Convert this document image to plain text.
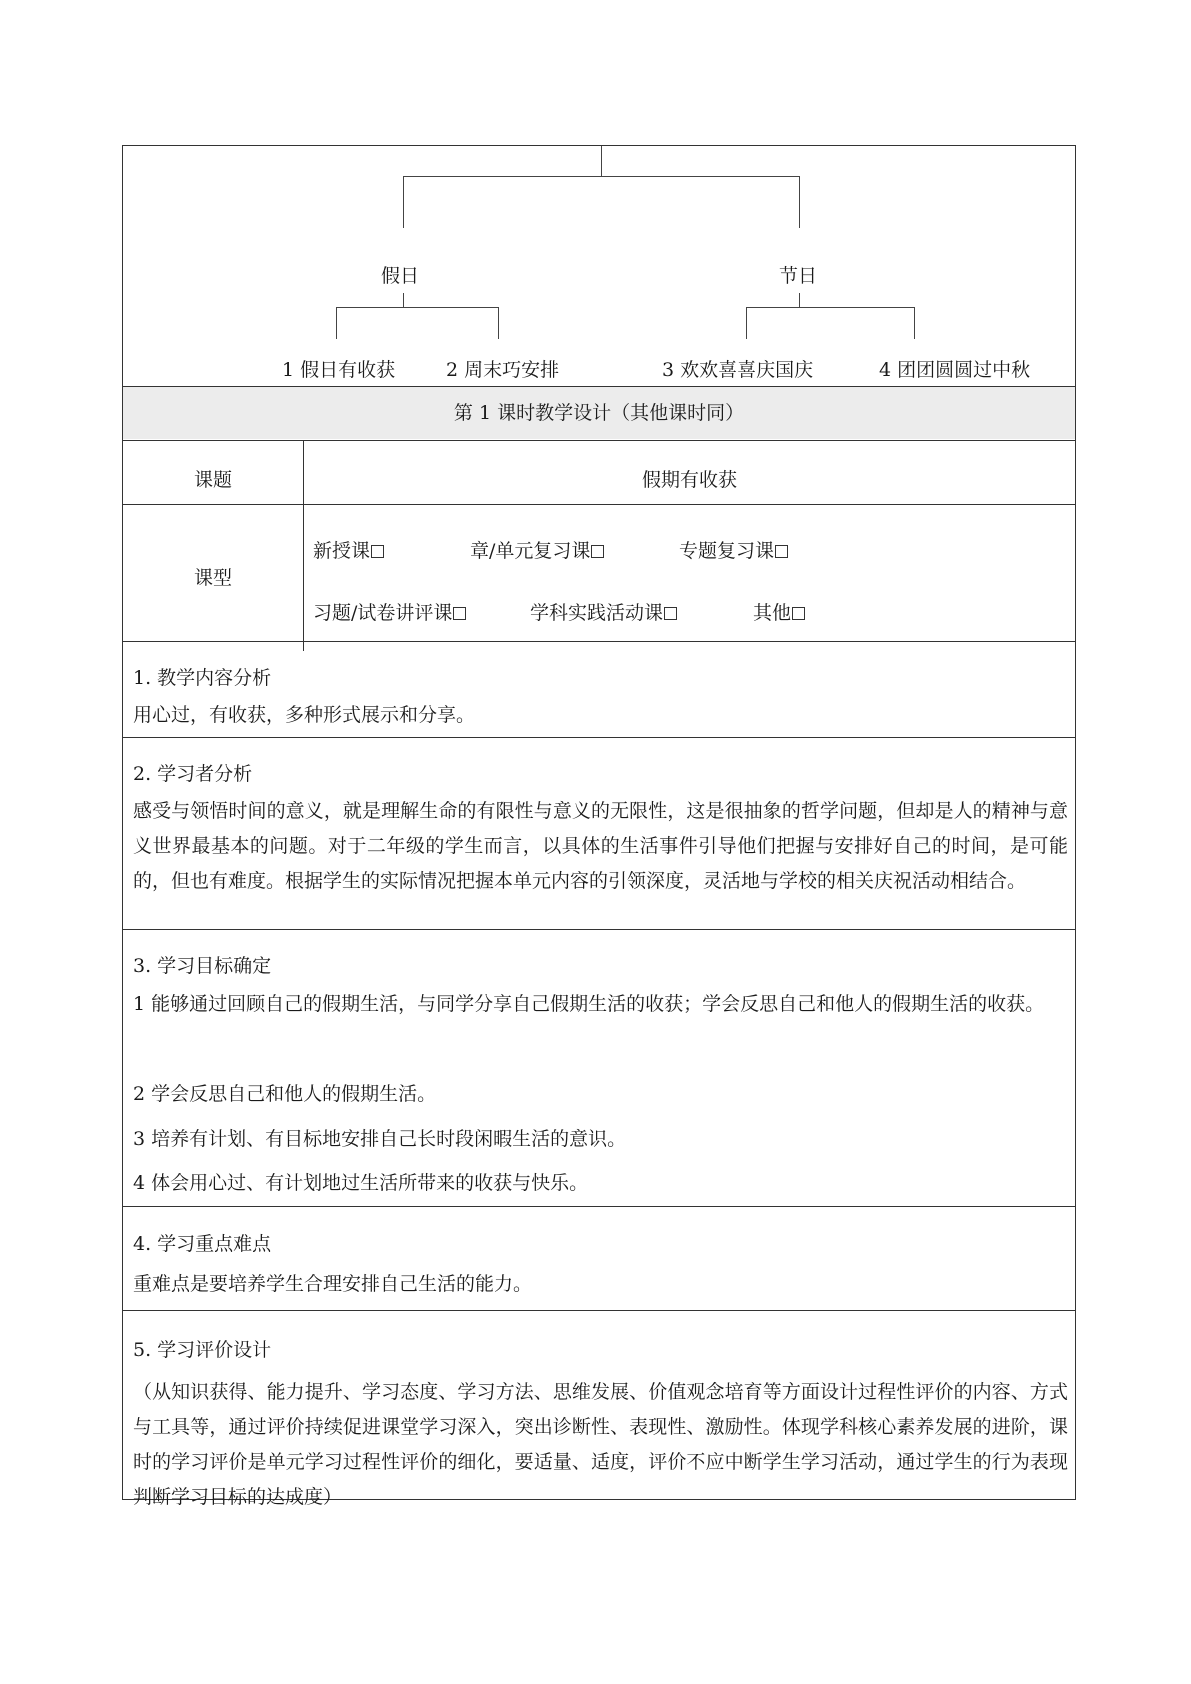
假日	节日
1 假日有收获	2 周末巧安排	3 欢欢喜喜庆国庆	4 团团圆圆过中秋
第 1 课时教学设计（其他课时同）
课题	假期有收获
课型
新授课	章/单元复习课	专题复习课
习题/试卷讲评课	学科实践活动课	其他
1. 教学内容分析
用心过，有收获，多种形式展示和分享。
2. 学习者分析
感受与领悟时间的意义，就是理解生命的有限性与意义的无限性，这是很抽象的哲学问题，但却是人的精神与意义世界最基本的问题。对于二年级的学生而言，以具体的生活事件引导他们把握与安排好自己的时间，是可能的，但也有难度。根据学生的实际情况把握本单元内容的引领深度，灵活地与学校的相关庆祝活动相结合。
3. 学习目标确定
1 能够通过回顾自己的假期生活，与同学分享自己假期生活的收获；学会反思自己和他人的假期生活的收获。
2 学会反思自己和他人的假期生活。
3 培养有计划、有目标地安排自己长时段闲暇生活的意识。
4 体会用心过、有计划地过生活所带来的收获与快乐。
4. 学习重点难点
重难点是要培养学生合理安排自己生活的能力。
5. 学习评价设计
（从知识获得、能力提升、学习态度、学习方法、思维发展、价值观念培育等方面设计过程性评价的内容、方式与工具等，通过评价持续促进课堂学习深入，突出诊断性、表现性、激励性。体现学科核心素养发展的进阶，课时的学习评价是单元学习过程性评价的细化，要适量、适度，评价不应中断学生学习活动，通过学生的行为表现判断学习目标的达成度）
